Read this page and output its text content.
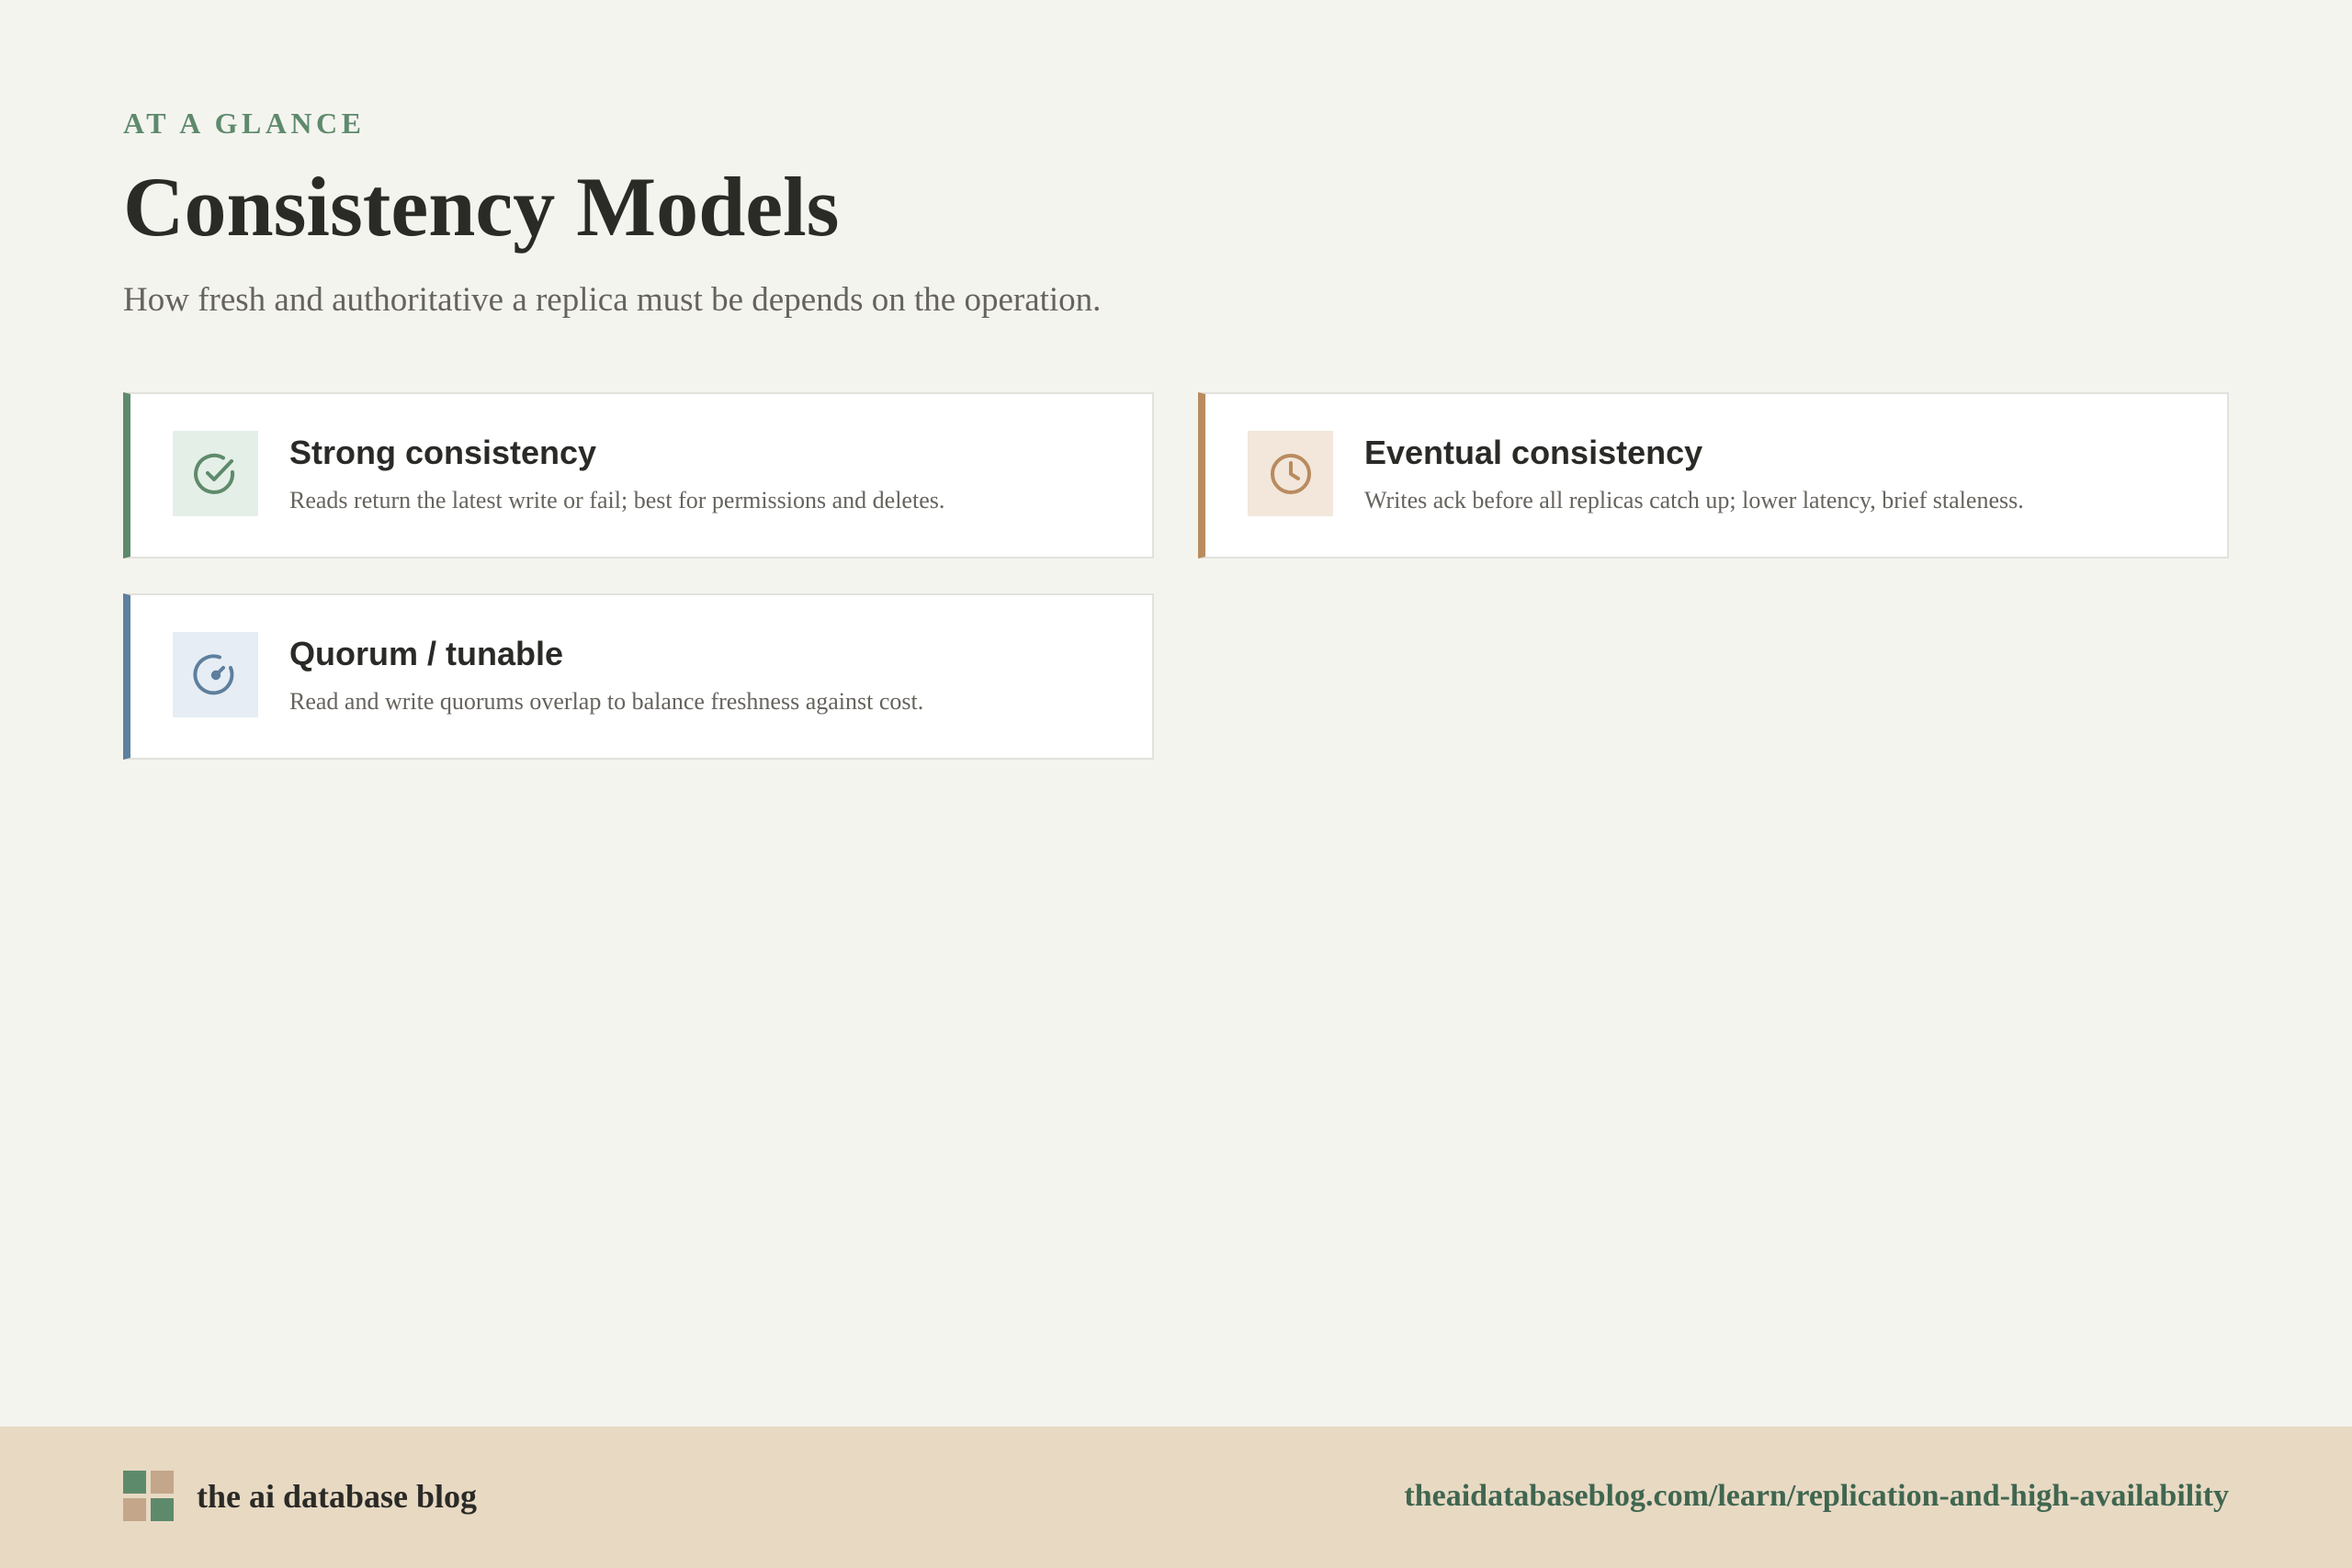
AT A GLANCE

Consistency Models

How fresh and authoritative a replica must be depends on the operation.

Strong consistency

Reads return the latest write or fail; best for permissions and deletes.

Eventual consistency

Writes ack before all replicas catch up; lower latency, brief staleness.

Quorum / tunable

Read and write quorums overlap to balance freshness against cost.

the ai database blog	theaidatabaseblog.com/learn/replication-and-high-availability
